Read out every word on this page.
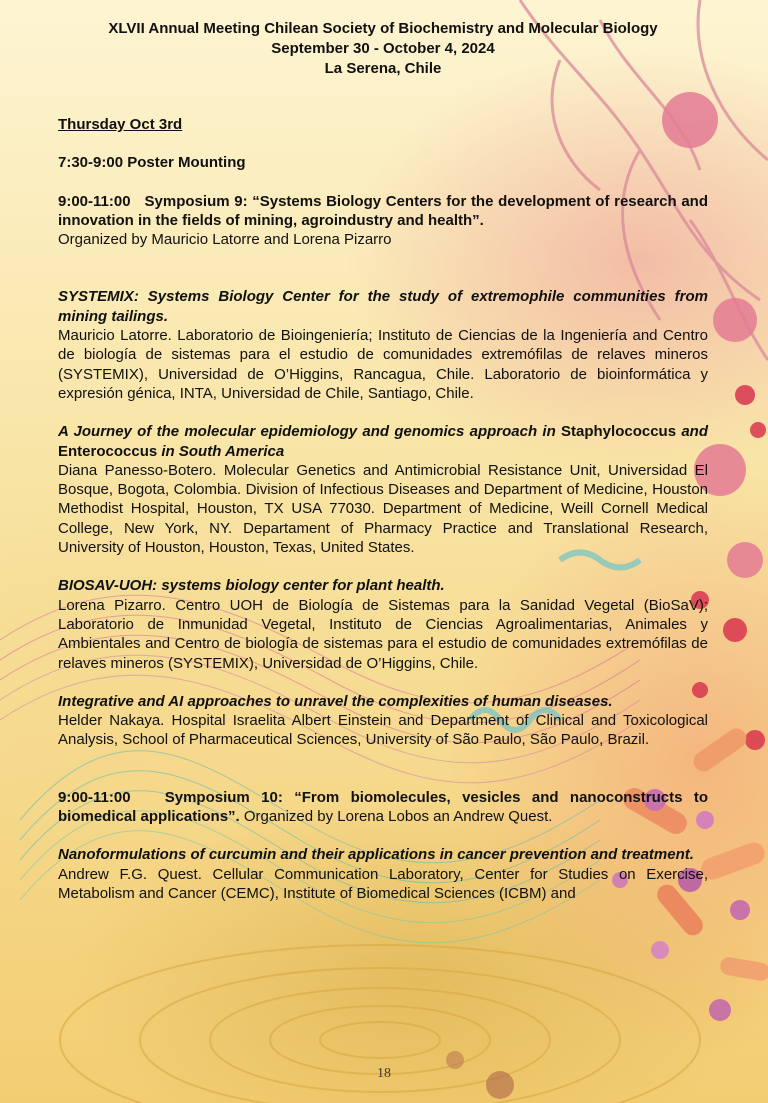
XLVII Annual Meeting Chilean Society of Biochemistry and Molecular Biology
September 30 - October 4, 2024
La Serena, Chile

Thursday Oct 3rd

7:30-9:00 Poster Mounting

9:00-11:00   Symposium 9: “Systems Biology Centers for the development of research and innovation in the fields of mining, agroindustry and health”.

Organized by Mauricio Latorre and Lorena Pizarro

SYSTEMIX: Systems Biology Center for the study of extremophile communities from mining tailings.

Mauricio Latorre. Laboratorio de Bioingeniería; Instituto de Ciencias de la Ingeniería and Centro de biología de sistemas para el estudio de comunidades extremófilas de relaves mineros (SYSTEMIX), Universidad de O’Higgins, Rancagua, Chile. Laboratorio de bioinformática y expresión génica, INTA, Universidad de Chile, Santiago, Chile.

A Journey of the molecular epidemiology and genomics approach in Staphylococcus and Enterococcus in South America

Diana Panesso-Botero. Molecular Genetics and Antimicrobial Resistance Unit, Universidad El Bosque, Bogota, Colombia. Division of Infectious Diseases and Department of Medicine, Houston Methodist Hospital, Houston, TX USA 77030. Department of Medicine, Weill Cornell Medical College, New York, NY. Departament of Pharmacy Practice and Translational Research, University of Houston, Houston, Texas, United States.

BIOSAV-UOH: systems biology center for plant health.

Lorena Pizarro. Centro UOH de Biología de Sistemas para la Sanidad Vegetal (BioSaV); Laboratorio de Inmunidad Vegetal, Instituto de Ciencias Agroalimentarias, Animales y Ambientales and Centro de biología de sistemas para el estudio de comunidades extremófilas de relaves mineros (SYSTEMIX), Universidad de O’Higgins, Chile.

Integrative and AI approaches to unravel the complexities of human diseases.

Helder Nakaya. Hospital Israelita Albert Einstein and Department of Clinical and Toxicological Analysis, School of Pharmaceutical Sciences, University of São Paulo, São Paulo, Brazil.

9:00-11:00   Symposium 10: “From biomolecules, vesicles and nanoconstructs to biomedical applications”. Organized by Lorena Lobos an Andrew Quest.

Nanoformulations of curcumin and their applications in cancer prevention and treatment.

Andrew F.G. Quest. Cellular Communication Laboratory, Center for Studies on Exercise, Metabolism and Cancer (CEMC), Institute of Biomedical Sciences (ICBM) and

18
